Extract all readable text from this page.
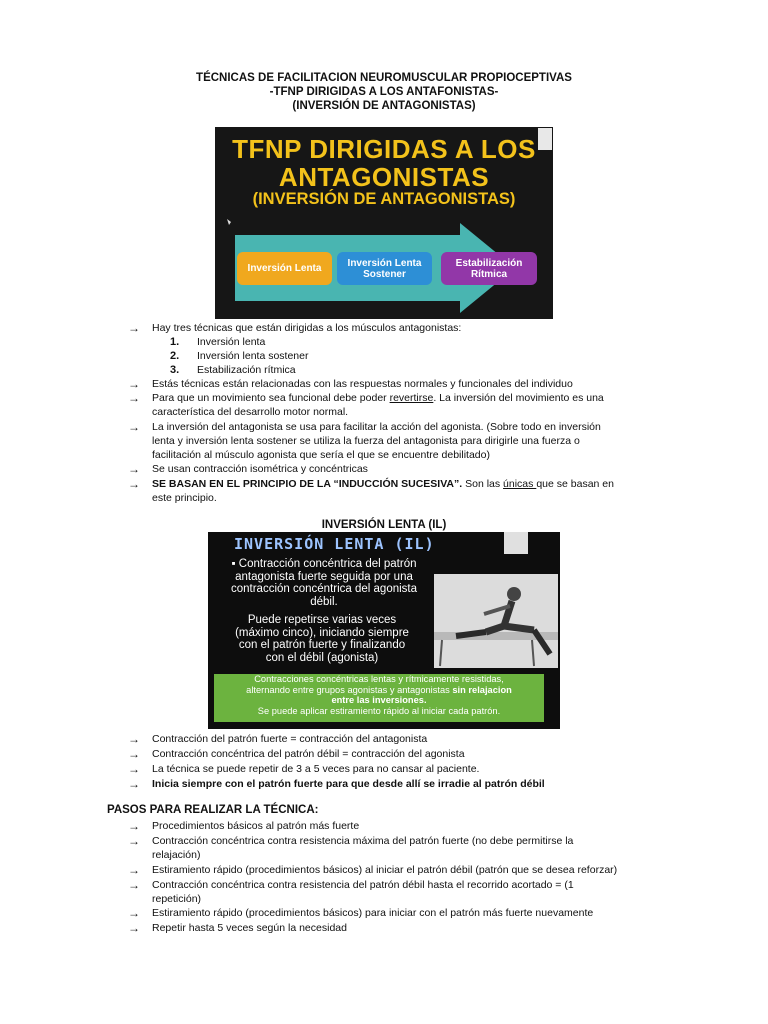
TÉCNICAS DE FACILITACION NEUROMUSCULAR PROPIOCEPTIVAS
-TFNP DIRIGIDAS A LOS ANTAFONISTAS-
(INVERSIÓN DE ANTAGONISTAS)
TFNP DIRIGIDAS A LOS
ANTAGONISTAS
(INVERSIÓN DE ANTAGONISTAS)
Inversión Lenta	Inversión Lenta
Sostener
Estabilización
Rítmica
→	Hay tres técnicas que están dirigidas a los músculos antagonistas:
1.	Inversión lenta
2.	Inversión lenta sostener
3.	Estabilización rítmica
→	Estás técnicas están relacionadas con las respuestas normales y funcionales del individuo
→	Para que un movimiento sea funcional debe poder revertirse. La inversión del movimiento es una
característica del desarrollo motor normal.
→	La inversión del antagonista se usa para facilitar la acción del agonista. (Sobre todo en inversión
lenta y inversión lenta sostener se utiliza la fuerza del antagonista para dirigirle una fuerza o
facilitación al músculo agonista que sería el que se encuentre debilitado)
→	Se usan contracción isométrica y concéntricas
→	SE BASAN EN EL PRINCIPIO DE LA “INDUCCIÓN SUCESIVA”. Son las únicas que se basan en
este principio.
INVERSIÓN LENTA (IL)
INVERSIÓN LENTA (IL)
▪ Contracción concéntrica del patrón
antagonista fuerte seguida por una
contracción concéntrica del agonista
débil.
Puede repetirse varias veces
(máximo cinco), iniciando siempre
con el patrón fuerte y finalizando
con el débil (agonista)
Contracciones concéntricas lentas y rítmicamente resistidas,
alternando entre grupos agonistas y antagonistas sin relajacion
entre las inversiones.
Se puede aplicar estiramiento rápido al iniciar cada patrón.
→	Contracción del patrón fuerte = contracción del antagonista
→	Contracción concéntrica del patrón débil = contracción del agonista
→	La técnica se puede repetir de 3 a 5 veces para no cansar al paciente.
→	Inicia siempre con el patrón fuerte para que desde allí se irradie al patrón débil
PASOS PARA REALIZAR LA TÉCNICA:
→	Procedimientos básicos al patrón más fuerte
→	Contracción concéntrica contra resistencia máxima del patrón fuerte (no debe permitirse la
relajación)
→	Estiramiento rápido (procedimientos básicos) al iniciar el patrón débil (patrón que se desea reforzar)
→	Contracción concéntrica contra resistencia del patrón débil hasta el recorrido acortado = (1
repetición)
→	Estiramiento rápido (procedimientos básicos) para iniciar con el patrón más fuerte nuevamente
→	Repetir hasta 5 veces según la necesidad
